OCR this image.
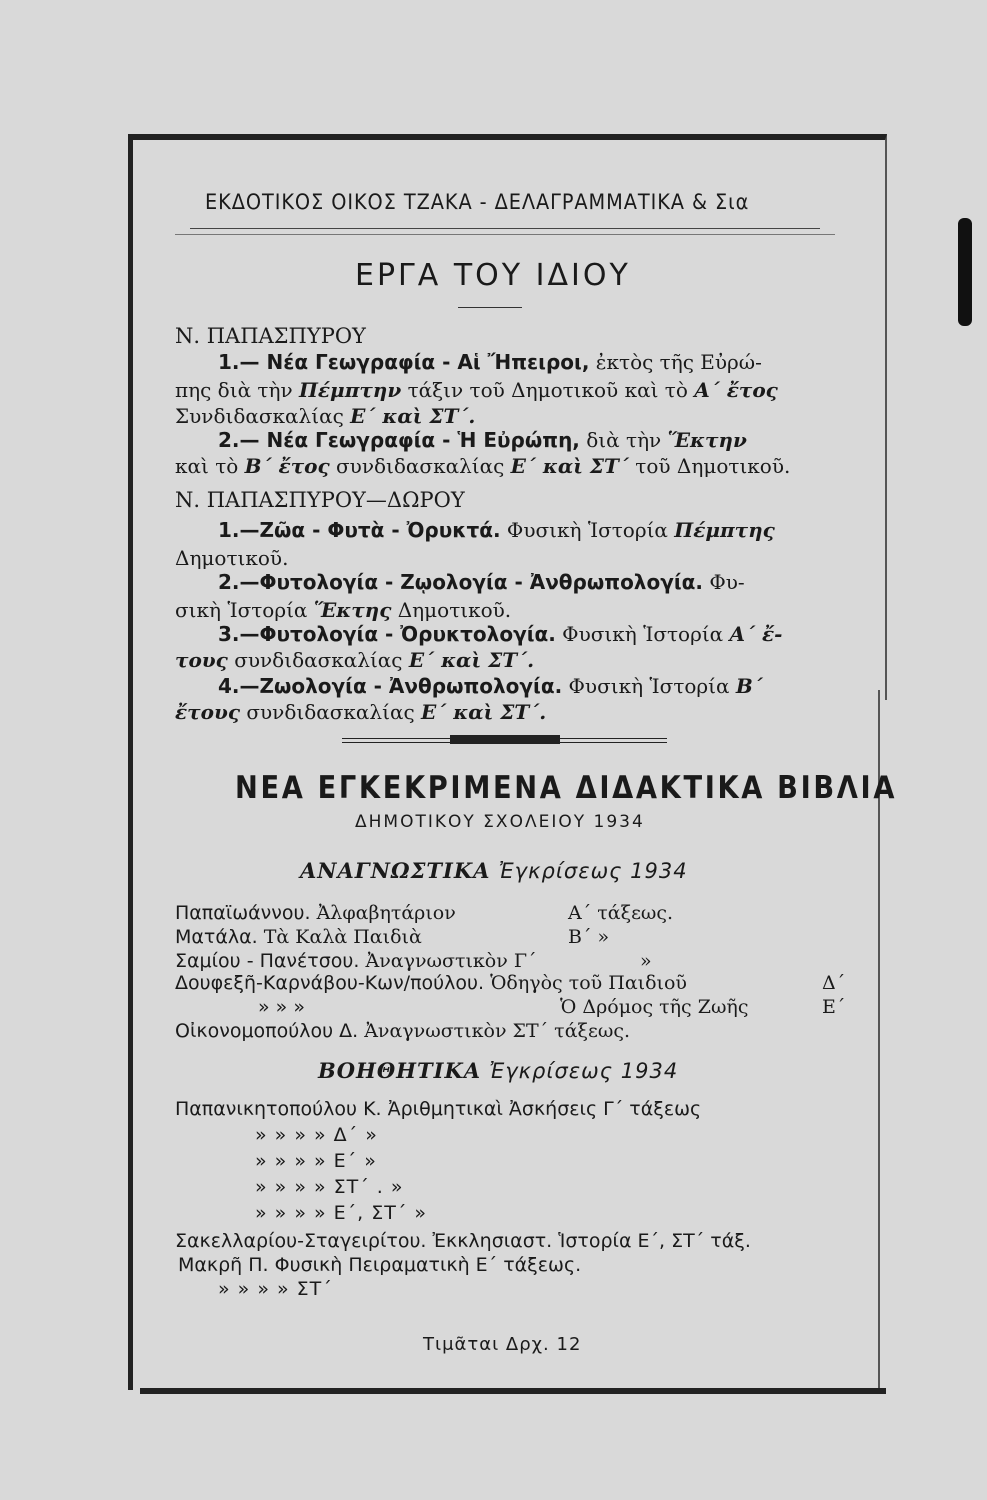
ΕΚΔΟΤΙΚΟΣ ΟΙΚΟΣ ΤΖΑΚΑ - ΔΕΛΑΓΡΑΜΜΑΤΙΚΑ & Σια
ΕΡΓΑ ΤΟΥ ΙΔΙΟΥ
Ν. ΠΑΠΑΣΠΥΡΟΥ
1.— Νέα Γεωγραφία - Αἱ Ἤπειροι, ἐκτὸς τῆς Εὐρώ-
πης διὰ τὴν Πέμπτην τάξιν τοῦ Δημοτικοῦ καὶ τὸ Α΄ ἔτος
Συνδιδασκαλίας Ε΄ καὶ ΣΤ΄.
2.— Νέα Γεωγραφία - Ἡ Εὐρώπη, διὰ τὴν Ἕκτην
καὶ τὸ Β΄ ἔτος συνδιδασκαλίας Ε΄ καὶ ΣΤ΄ τοῦ Δημοτικοῦ.
Ν. ΠΑΠΑΣΠΥΡΟΥ—ΔΩΡΟΥ
1.—Ζῶα - Φυτὰ - Ὀρυκτά. Φυσικὴ Ἱστορία Πέμπτης
Δημοτικοῦ.
2.—Φυτολογία - Ζῳολογία - Ἀνθρωπολογία. Φυ-
σικὴ Ἱστορία Ἕκτης Δημοτικοῦ.
3.—Φυτολογία - Ὀρυκτολογία. Φυσικὴ Ἱστορία Α΄ ἔ-
τους συνδιδασκαλίας Ε΄ καὶ ΣΤ΄.
4.—Ζωολογία - Ἀνθρωπολογία. Φυσικὴ Ἱστορία Β΄
ἔτους συνδιδασκαλίας Ε΄ καὶ ΣΤ΄.
ΝΕΑ ΕΓΚΕΚΡΙΜΕΝΑ ΔΙΔΑΚΤΙΚΑ ΒΙΒΛΙΑ
ΔΗΜΟΤΙΚΟΥ ΣΧΟΛΕΙΟΥ 1934
ΑΝΑΓΝΩΣΤΙΚΑ Ἐγκρίσεως 1934
Παπαϊωάννου. Ἀλφαβητάριον	Α΄ τάξεως.
Ματάλα. Τὰ Καλὰ Παιδιὰ	Β΄ »
Σαμίου - Πανέτσου. Ἀναγνωστικὸν Γ΄	»
Δουφεξῆ-Καρνάβου-Κων/πούλου. Ὁδηγὸς τοῦ Παιδιοῦ	Δ΄
» » »	Ὁ Δρόμος τῆς Ζωῆς	Ε΄
Οἰκονομοπούλου Δ. Ἀναγνωστικὸν ΣΤ΄ τάξεως.
ΒΟΗΘΗΤΙΚΑ Ἐγκρίσεως 1934
Παπανικητοπούλου Κ. Ἀριθμητικαὶ Ἀσκήσεις Γ΄ τάξεως
» » » » Δ΄ »
» » » » Ε΄ »
» » » » ΣΤ΄ . »
» » » » Ε΄, ΣΤ΄ »
Σακελλαρίου-Σταγειρίτου. Ἐκκλησιαστ. Ἱστορία Ε΄, ΣΤ΄ τάξ.
Μακρῆ Π. Φυσικὴ Πειραματικὴ Ε΄ τάξεως.
» » » » ΣΤ΄
Τιμᾶται Δρχ. 12
